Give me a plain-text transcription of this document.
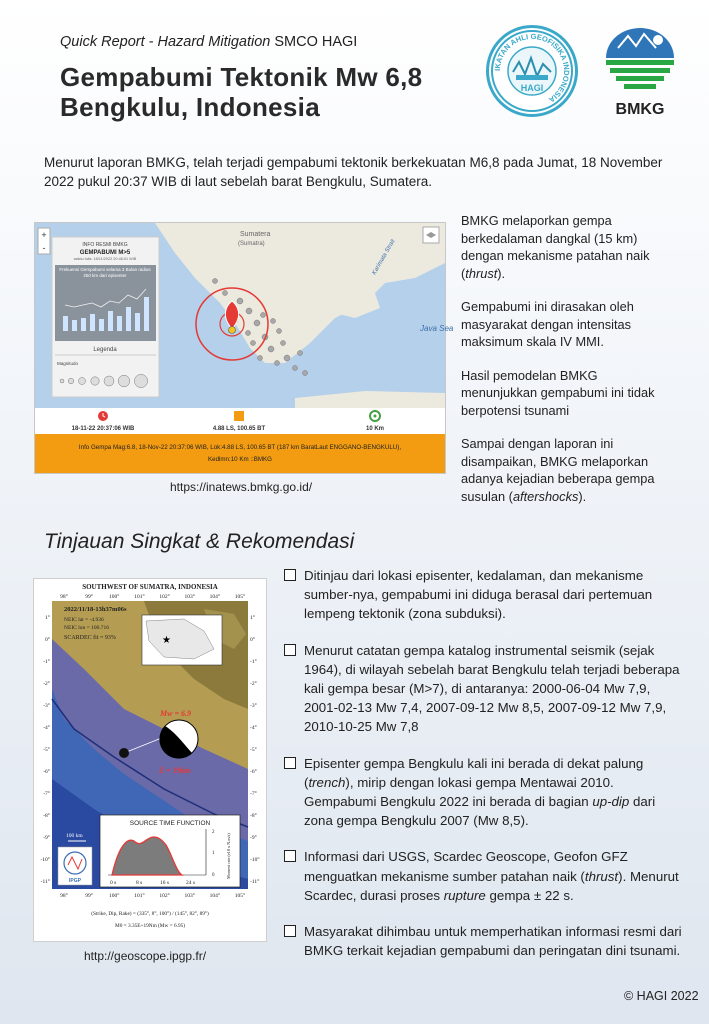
Quick Report - Hazard Mitigation SMCO HAGI
Gempabumi Tektonik Mw 6,8
Bengkulu, Indonesia
IKATAN AHLI GEOFISIKA INDONESIA
HAGI
BMKG
Menurut laporan BMKG, telah terjadi gempabumi tektonik berkekuatan M6,8 pada Jumat, 18 November 2022 pukul 20:37 WIB di laut sebelah barat Bengkulu, Sumatera.
Sumatera
(Sumatra)
Java Sea
Karimata Strait
+
-	INFO RESMI BMKG
GEMPABUMI M>5
waktu tulis: 18/11/2022 20:46:51 WIB
Frekuensi Gempabumi selama 3 Bulan radius 250 km dari episenter
Legenda
Magnitudo
18-11-22 20:37:06 WIB	4.88 LS, 100.65 BT	10 Km
Info Gempa Mag:6.8, 18-Nov-22 20:37:06 WIB, Lok:4.88 LS, 100.65 BT (187 km BaratLaut ENGGANO-BENGKULU),
Kedlmn:10 Km ::BMKG
https://inatews.bmkg.go.id/

BMKG melaporkan gempa berkedalaman dangkal (15 km) dengan mekanisme patahan naik (thrust).

Gempabumi ini dirasakan oleh masyarakat dengan intensitas maksimum skala IV MMI.

Hasil pemodelan BMKG menunjukkan gempabumi ini tidak berpotensi tsunami

Sampai dengan laporan ini disampaikan, BMKG melaporkan adanya kejadian beberapa gempa susulan (aftershocks).

Tinjauan Singkat & Rekomendasi
SOUTHWEST OF SUMATRA, INDONESIA
98°	99°	100°	101°	102°	103°	104°	105°
98°	99°	100°	101°	102°	103°	104°	105°
1°
0°
-1°
-2°
-3°
-4°
-5°
-6°
-7°
-8°
-9°
-10°
-11°
1°
0°
-1°
-2°
-3°
-4°
-5°
-6°
-7°
-8°
-9°
-10°
-11°
★
2022/11/18-13h37m06s
NEIC lat = -4.936
NEIC lon = 100.716
SCARDEC fit = 93%
Mw = 6.9
Z = 19km
100 km
SOURCE TIME FUNCTION
2
1
0	Moment rate (e18 x N.m/s)
0 s	8 s	16 s	24 s
IPGP
(Strike, Dip, Rake) = (335°, 8°, 100°) / (145°, 82°, 89°)
M0 = 3.35E+19Nm (Mw = 6.95)
http://geoscope.ipgp.fr/
Ditinjau dari lokasi episenter, kedalaman, dan mekanisme sumber-nya, gempabumi ini diduga berasal dari pertemuan lempeng tektonik (zona subduksi).
Menurut catatan gempa katalog instrumental seismik (sejak 1964), di wilayah sebelah barat Bengkulu telah terjadi beberapa kali gempa besar (M>7), di antaranya: 2000-06-04 Mw 7,9, 2001-02-13 Mw 7,4, 2007-09-12 Mw 8,5, 2007-09-12 Mw 7,9, 2010-10-25 Mw 7,8
Episenter gempa Bengkulu kali ini berada di dekat palung (trench), mirip dengan lokasi gempa Mentawai 2010. Gempabumi Bengkulu 2022 ini berada di bagian up-dip dari zona gempa Bengkulu 2007 (Mw 8,5).
Informasi dari USGS, Scardec Geoscope, Geofon GFZ menguatkan mekanisme sumber patahan naik (thrust). Menurut Scardec, durasi proses rupture gempa ± 22 s.
Masyarakat dihimbau untuk memperhatikan informasi resmi dari BMKG terkait kejadian gempabumi dan peringatan dini tsunami.
© HAGI 2022
